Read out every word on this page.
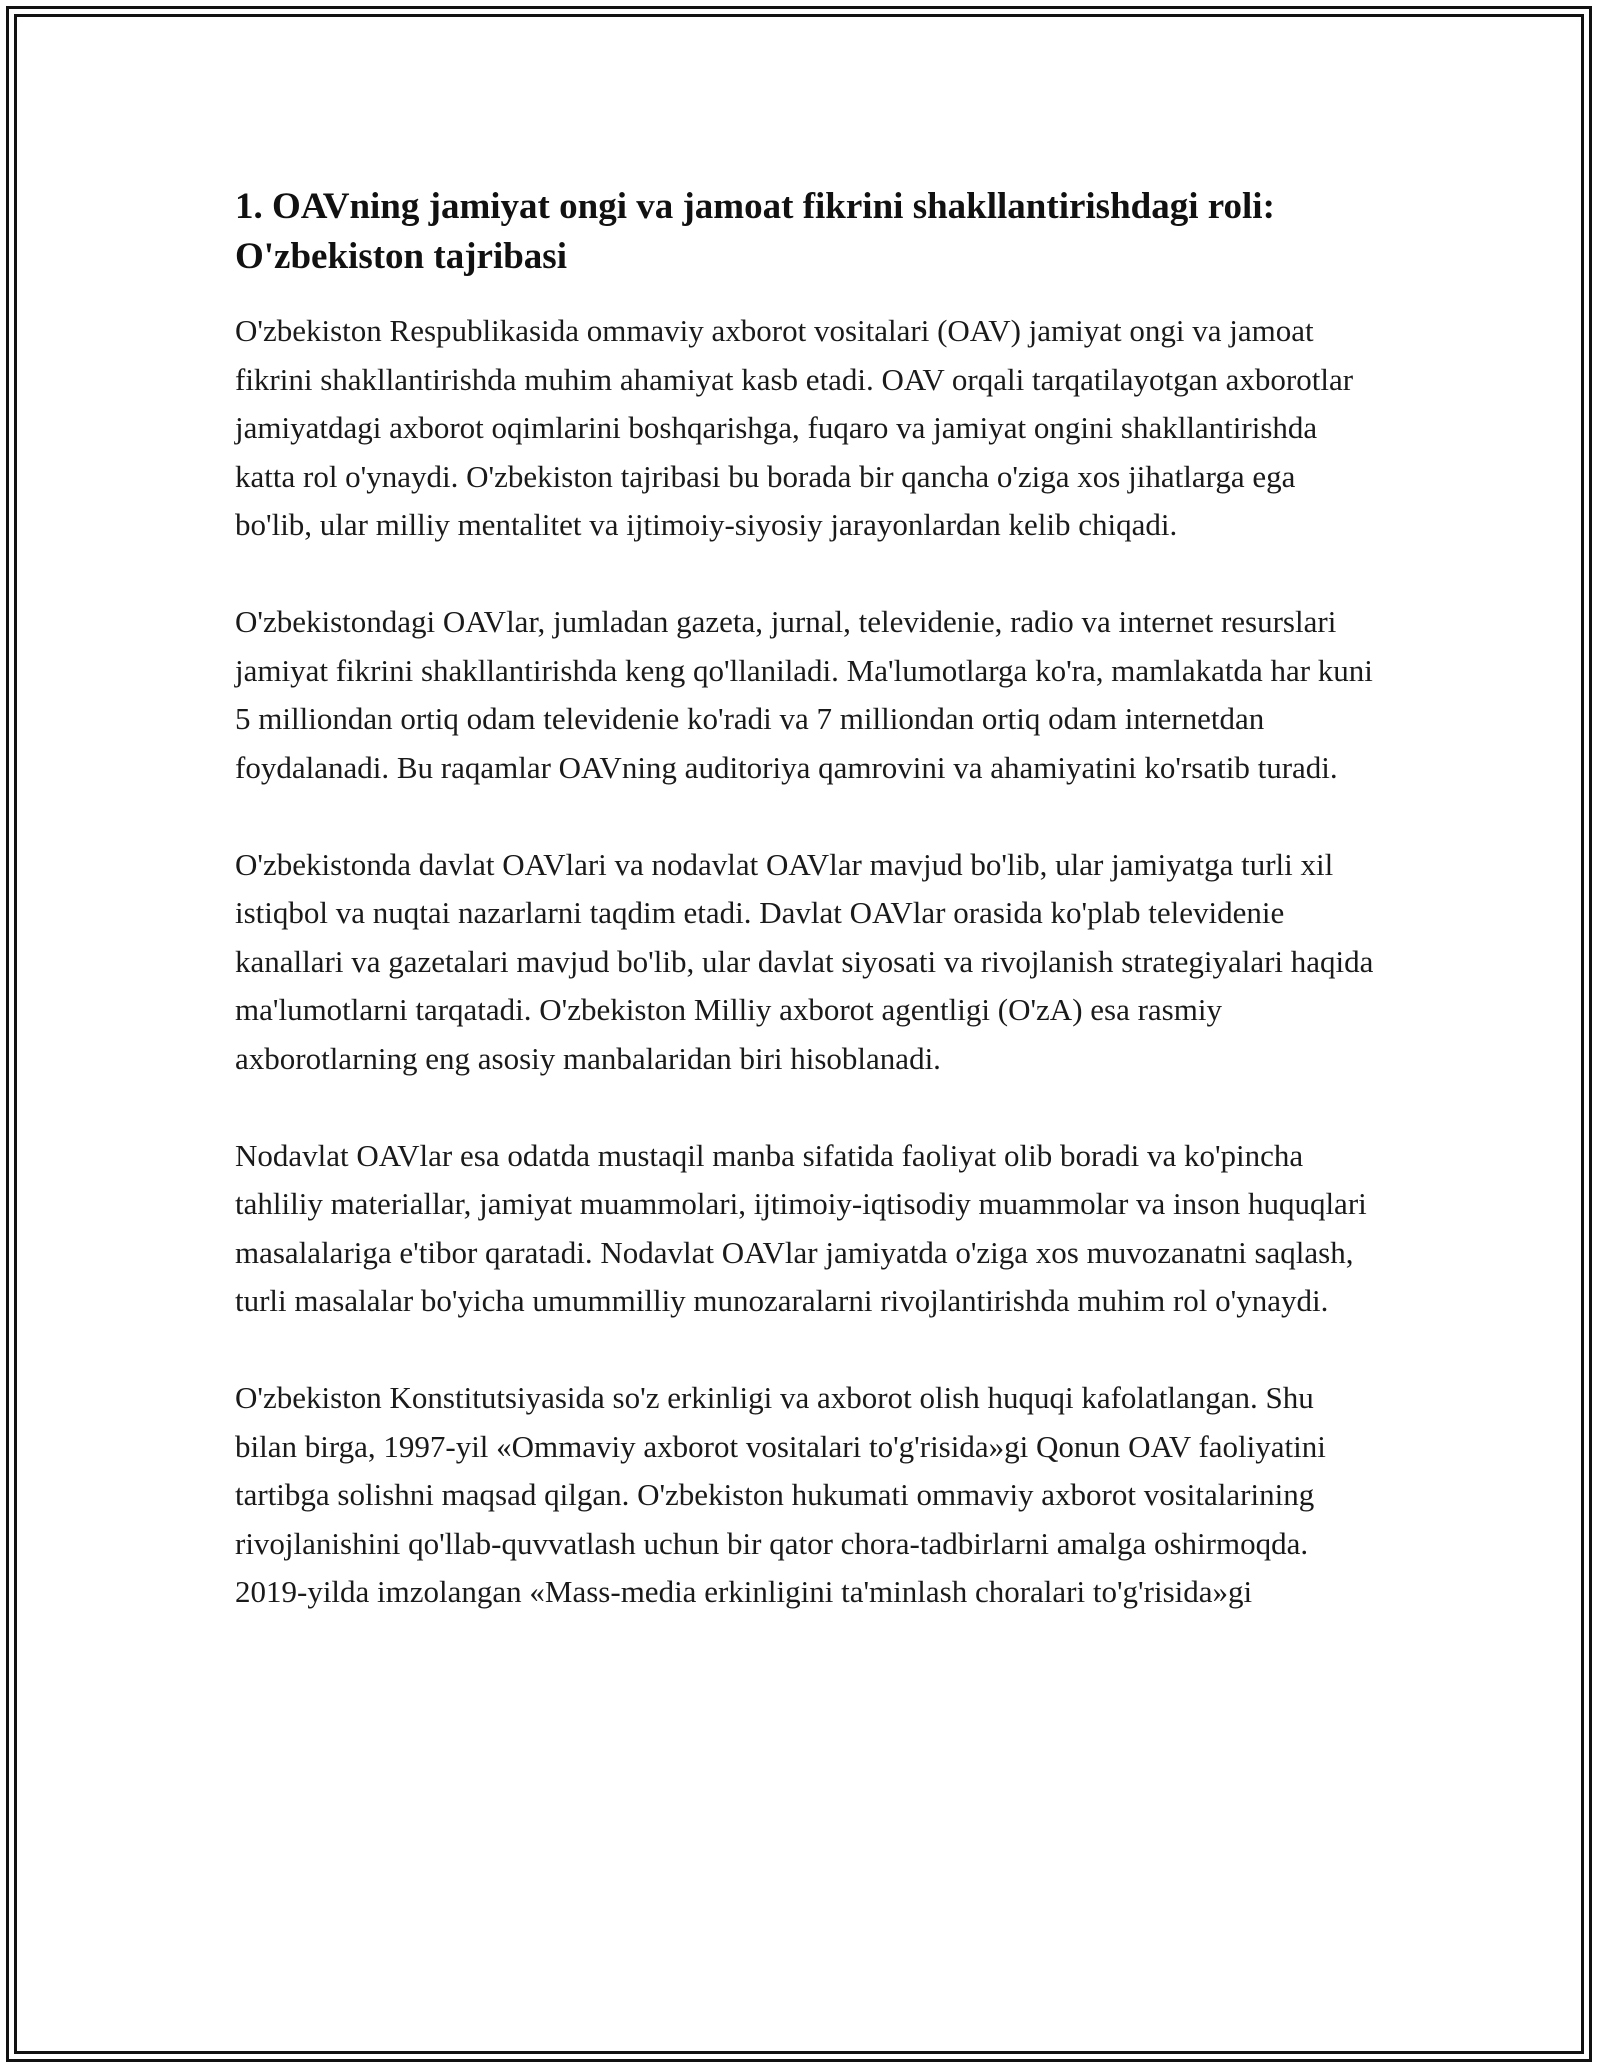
1. OAVning jamiyat ongi va jamoat fikrini shakllantirishdagi roli: O'zbekiston tajribasi

O'zbekiston Respublikasida ommaviy axborot vositalari (OAV) jamiyat ongi va jamoat fikrini shakllantirishda muhim ahamiyat kasb etadi. OAV orqali tarqatilayotgan axborotlar jamiyatdagi axborot oqimlarini boshqarishga, fuqaro va jamiyat ongini shakllantirishda katta rol o'ynaydi. O'zbekiston tajribasi bu borada bir qancha o'ziga xos jihatlarga ega bo'lib, ular milliy mentalitet va ijtimoiy-siyosiy jarayonlardan kelib chiqadi.

O'zbekistondagi OAVlar, jumladan gazeta, jurnal, televidenie, radio va internet resurslari jamiyat fikrini shakllantirishda keng qo'llaniladi. Ma'lumotlarga ko'ra, mamlakatda har kuni 5 milliondan ortiq odam televidenie ko'radi va 7 milliondan ortiq odam internetdan foydalanadi. Bu raqamlar OAVning auditoriya qamrovini va ahamiyatini ko'rsatib turadi.

O'zbekistonda davlat OAVlari va nodavlat OAVlar mavjud bo'lib, ular jamiyatga turli xil istiqbol va nuqtai nazarlarni taqdim etadi. Davlat OAVlar orasida ko'plab televidenie kanallari va gazetalari mavjud bo'lib, ular davlat siyosati va rivojlanish strategiyalari haqida ma'lumotlarni tarqatadi. O'zbekiston Milliy axborot agentligi (O'zA) esa rasmiy axborotlarning eng asosiy manbalaridan biri hisoblanadi.

Nodavlat OAVlar esa odatda mustaqil manba sifatida faoliyat olib boradi va ko'pincha tahliliy materiallar, jamiyat muammolari, ijtimoiy-iqtisodiy muammolar va inson huquqlari masalalariga e'tibor qaratadi. Nodavlat OAVlar jamiyatda o'ziga xos muvozanatni saqlash, turli masalalar bo'yicha umummilliy munozaralarni rivojlantirishda muhim rol o'ynaydi.

O'zbekiston Konstitutsiyasida so'z erkinligi va axborot olish huquqi kafolatlangan. Shu bilan birga, 1997-yil «Ommaviy axborot vositalari to'g'risida»gi Qonun OAV faoliyatini tartibga solishni maqsad qilgan. O'zbekiston hukumati ommaviy axborot vositalarining rivojlanishini qo'llab-quvvatlash uchun bir qator chora-tadbirlarni amalga oshirmoqda. 2019-yilda imzolangan «Mass-media erkinligini ta'minlash choralari to'g'risida»gi
